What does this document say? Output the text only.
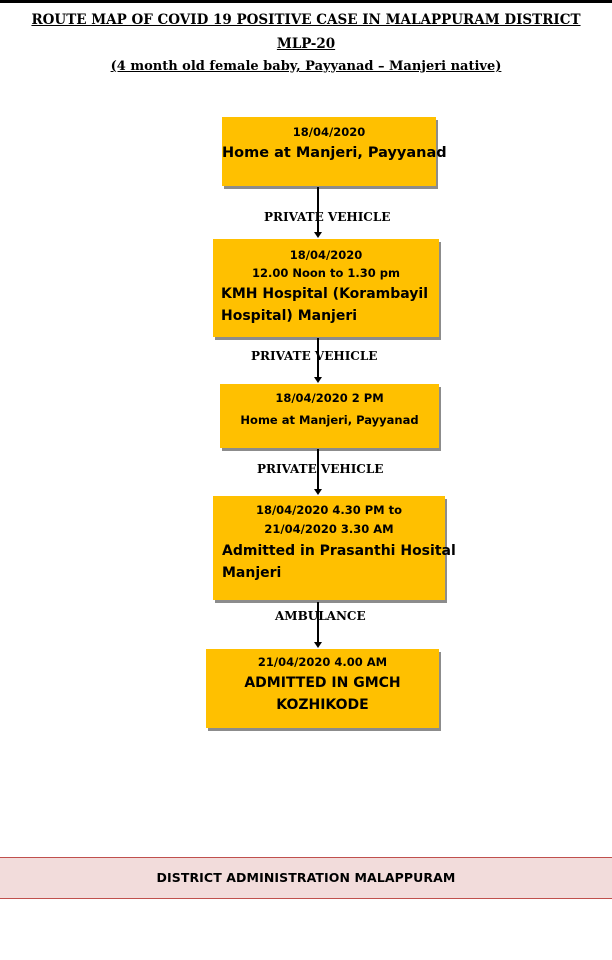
ROUTE MAP OF COVID 19 POSITIVE CASE IN MALAPPURAM DISTRICT
MLP-20
(4 month old female baby, Payyanad – Manjeri native)
18/04/2020
Home at Manjeri, Payyanad
PRIVATE VEHICLE
18/04/2020
12.00 Noon to 1.30 pm
KMH Hospital (Korambayil
Hospital) Manjeri
PRIVATE VEHICLE
18/04/2020 2 PM
Home at Manjeri, Payyanad
PRIVATE VEHICLE
18/04/2020 4.30 PM to
21/04/2020 3.30 AM
Admitted in Prasanthi Hosital
Manjeri
AMBULANCE
21/04/2020 4.00 AM
ADMITTED IN GMCH
KOZHIKODE
DISTRICT ADMINISTRATION MALAPPURAM
